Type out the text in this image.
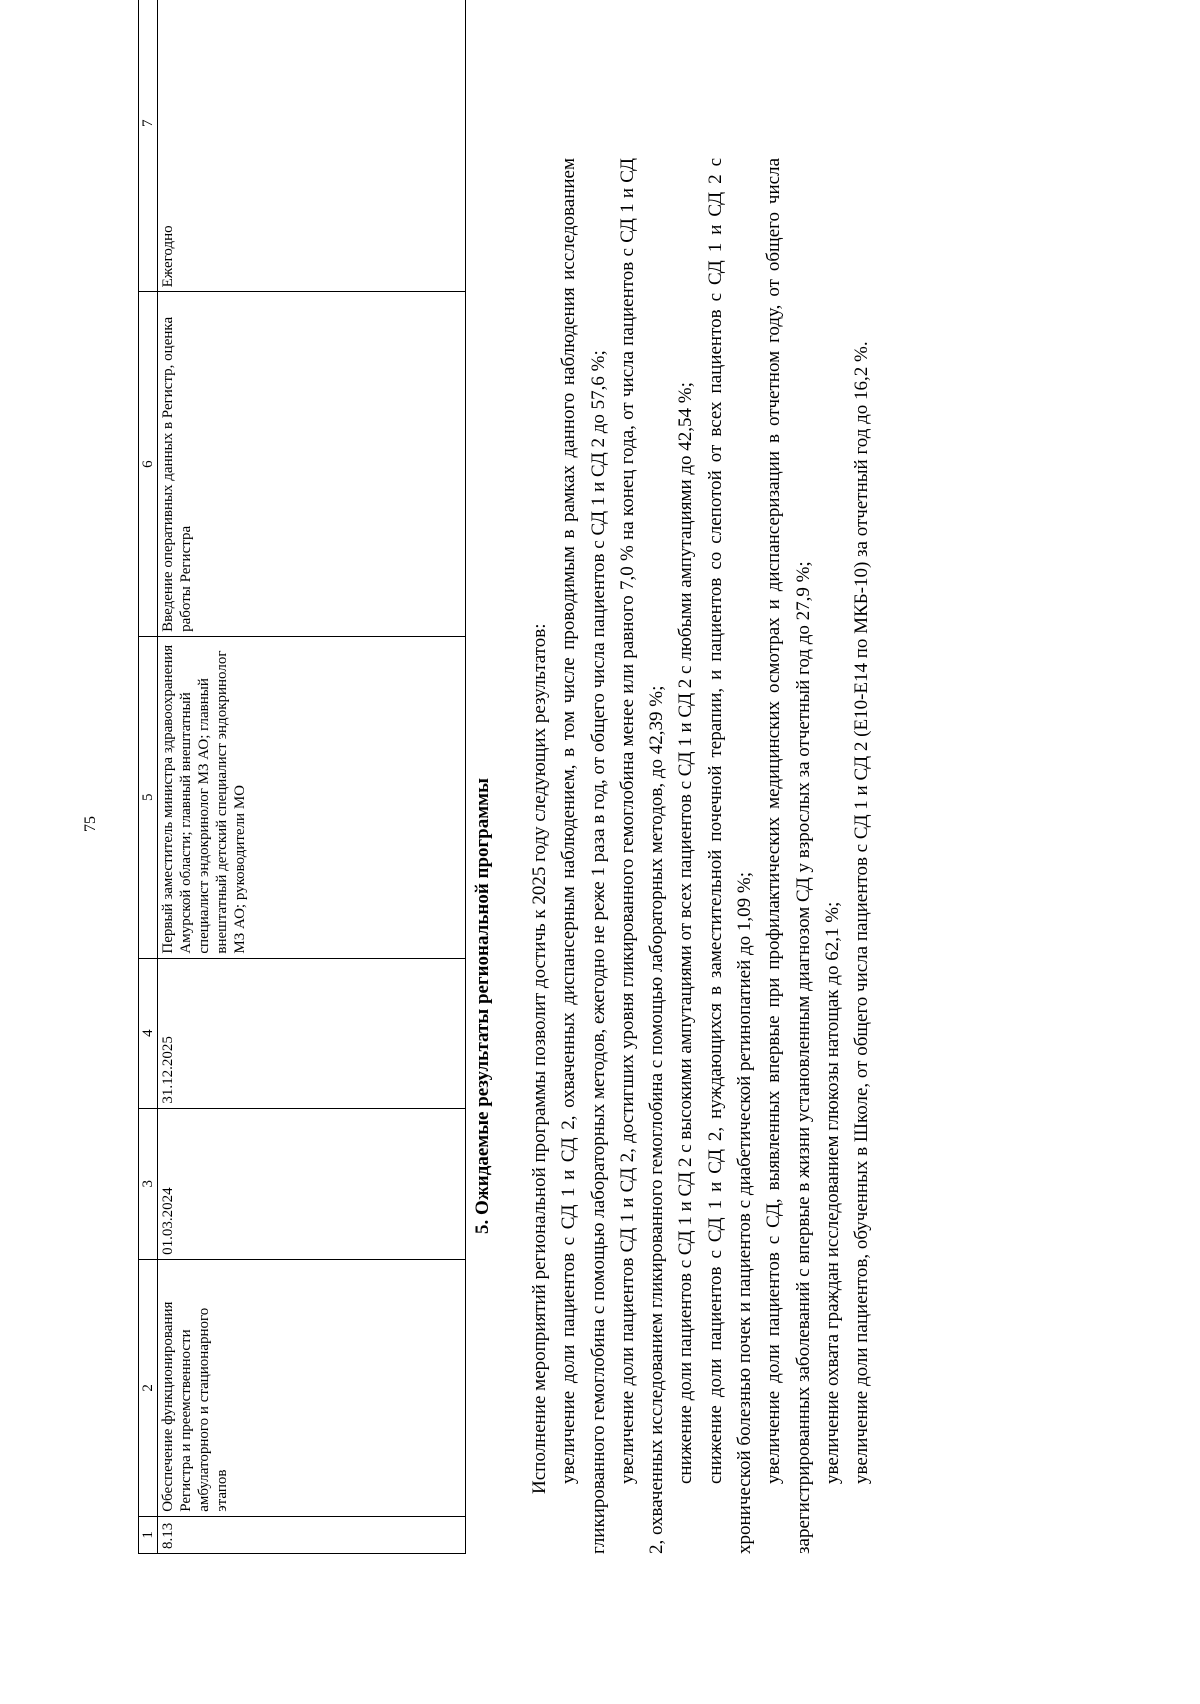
75
1	2	3	4	5	6	7
8.13	Обеспечение функционирования Регистра и преемственности амбулаторного и стационарного этапов	01.03.2024	31.12.2025	Первый заместитель министра здравоохранения Амурской области; главный внештатный специалист эндокринолог МЗ АО; главный внештатный детский специалист эндокринолог МЗ АО; руководители МО	Введение оперативных данных в Регистр, оценка работы Регистра	Ежегодно
5. Ожидаемые результаты региональной программы Исполнение мероприятий региональной программы позволит достичь к 2025 году следующих результатов: увеличение доли пациентов с СД 1 и СД 2, охваченных диспансерным наблюдением, в том числе проводимым в рамках данного наблюдения исследованием гликированного гемоглобина с помощью лабораторных методов, ежегодно не реже 1 раза в год, от общего числа пациентов с СД 1 и СД 2 до 57,6 %; увеличение доли пациентов СД 1 и СД 2, достигших уровня гликированного гемоглобина менее или равного 7,0 % на конец года, от числа пациентов с СД 1 и СД 2, охваченных исследованием гликированного гемоглобина с помощью лабораторных методов, до 42,39 %; снижение доли пациентов с СД 1 и СД 2 с высокими ампутациями от всех пациентов с СД 1 и СД 2 с любыми ампутациями до 42,54 %; снижение доли пациентов с СД 1 и СД 2, нуждающихся в заместительной почечной терапии, и пациентов со слепотой от всех пациентов с СД 1 и СД 2 с хронической болезнью почек и пациентов с диабетической ретинопатией до 1,09 %; увеличение доли пациентов с СД, выявленных впервые при профилактических медицинских осмотрах и диспансеризации в отчетном году, от общего числа зарегистрированных заболеваний с впервые в жизни установленным диагнозом СД у взрослых за отчетный год до 27,9 %; увеличение охвата граждан исследованием глюкозы натощак до 62,1 %; увеличение доли пациентов, обученных в Школе, от общего числа пациентов с СД 1 и СД 2 (Е10-Е14 по МКБ-10) за отчетный год до 16,2 %.
